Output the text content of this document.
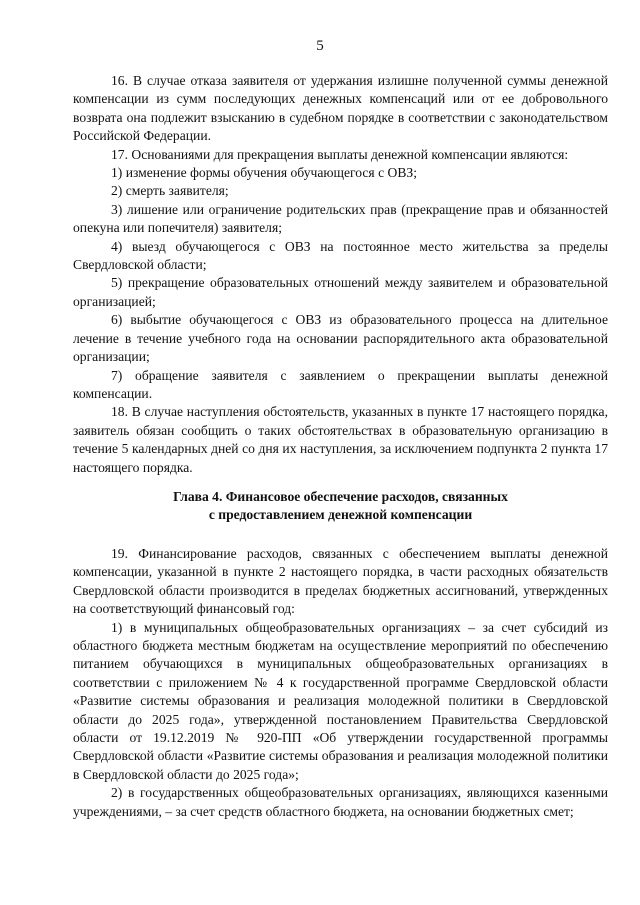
5

16. В случае отказа заявителя от удержания излишне полученной суммы денежной компенсации из сумм последующих денежных компенсаций или от ее добровольного возврата она подлежит взысканию в судебном порядке в соответствии с законодательством Российской Федерации.

17. Основаниями для прекращения выплаты денежной компенсации являются:

1) изменение формы обучения обучающегося с ОВЗ;

2) смерть заявителя;

3) лишение или ограничение родительских прав (прекращение прав и обязанностей опекуна или попечителя) заявителя;

4) выезд обучающегося с ОВЗ на постоянное место жительства за пределы Свердловской области;

5) прекращение образовательных отношений между заявителем и образовательной организацией;

6) выбытие обучающегося с ОВЗ из образовательного процесса на длительное лечение в течение учебного года на основании распорядительного акта образовательной организации;

7) обращение заявителя с заявлением о прекращении выплаты денежной компенсации.

18. В случае наступления обстоятельств, указанных в пункте 17 настоящего порядка, заявитель обязан сообщить о таких обстоятельствах в образовательную организацию в течение 5 календарных дней со дня их наступления, за исключением подпункта 2 пункта 17 настоящего порядка.

Глава 4. Финансовое обеспечение расходов, связанных
с предоставлением денежной компенсации

19. Финансирование расходов, связанных с обеспечением выплаты денежной компенсации, указанной в пункте 2 настоящего порядка, в части расходных обязательств Свердловской области производится в пределах бюджетных ассигнований, утвержденных на соответствующий финансовый год:

1) в муниципальных общеобразовательных организациях – за счет субсидий из областного бюджета местным бюджетам на осуществление мероприятий по обеспечению питанием обучающихся в муниципальных общеобразовательных организациях в соответствии с приложением № 4 к государственной программе Свердловской области «Развитие системы образования и реализация молодежной политики в Свердловской области до 2025 года», утвержденной постановлением Правительства Свердловской области от 19.12.2019 № 920-ПП «Об утверждении государственной программы Свердловской области «Развитие системы образования и реализация молодежной политики в Свердловской области до 2025 года»;

2) в государственных общеобразовательных организациях, являющихся казенными учреждениями, – за счет средств областного бюджета, на основании бюджетных смет;
